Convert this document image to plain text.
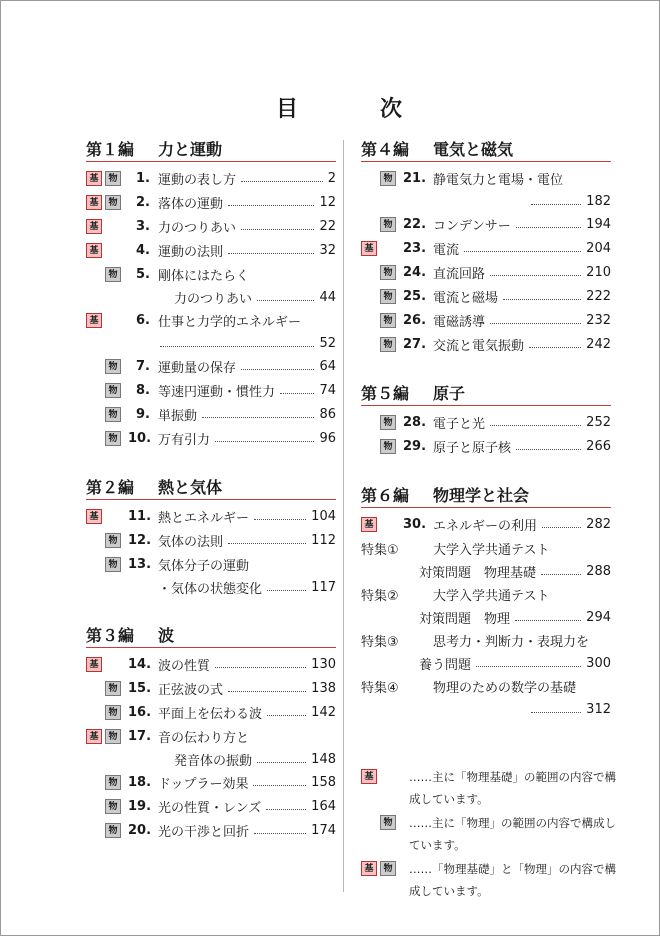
目	次
第１編	力と運動
基	物	1. 運動の表し方	2
基	物	2. 落体の運動	12
基	3. 力のつりあい	22
基	4. 運動の法則	32
物	5. 剛体にはたらく
力のつりあい	44
基	6. 仕事と力学的エネルギー
52
物	7. 運動量の保存	64
物	8. 等速円運動・慣性力	74
物	9. 単振動	86
物 10. 万有引力	96
第２編	熱と気体
基 11. 熱とエネルギー	104
物 12. 気体の法則	112
物 13. 気体分子の運動
・気体の状態変化	117
第３編	波
基 14. 波の性質	130
物 15. 正弦波の式	138
物 16. 平面上を伝わる波	142
基	物 17. 音の伝わり方と
発音体の振動	148
物 18. ドップラー効果	158
物 19. 光の性質・レンズ	164
物 20. 光の干渉と回折	174
第４編	電気と磁気
物 21. 静電気力と電場・電位
182
物 22. コンデンサー	194
基 23. 電流	204
物 24. 直流回路	210
物 25. 電流と磁場	222
物 26. 電磁誘導	232
物 27. 交流と電気振動	242
第５編	原子
物 28. 電子と光	252
物 29. 原子と原子核	266
第６編	物理学と社会
基 30. エネルギーの利用	282
特集①	大学入学共通テスト
対策問題　物理基礎	288
特集②	大学入学共通テスト
対策問題　物理	294
特集③	思考力・判断力・表現力を
養う問題	300
特集④	物理のための数学の基礎
312
基	……主に「物理基礎」の範囲の内容で構成しています。
物	……主に「物理」の範囲の内容で構成しています。
基	物	……「物理基礎」と「物理」の内容で構成しています。
